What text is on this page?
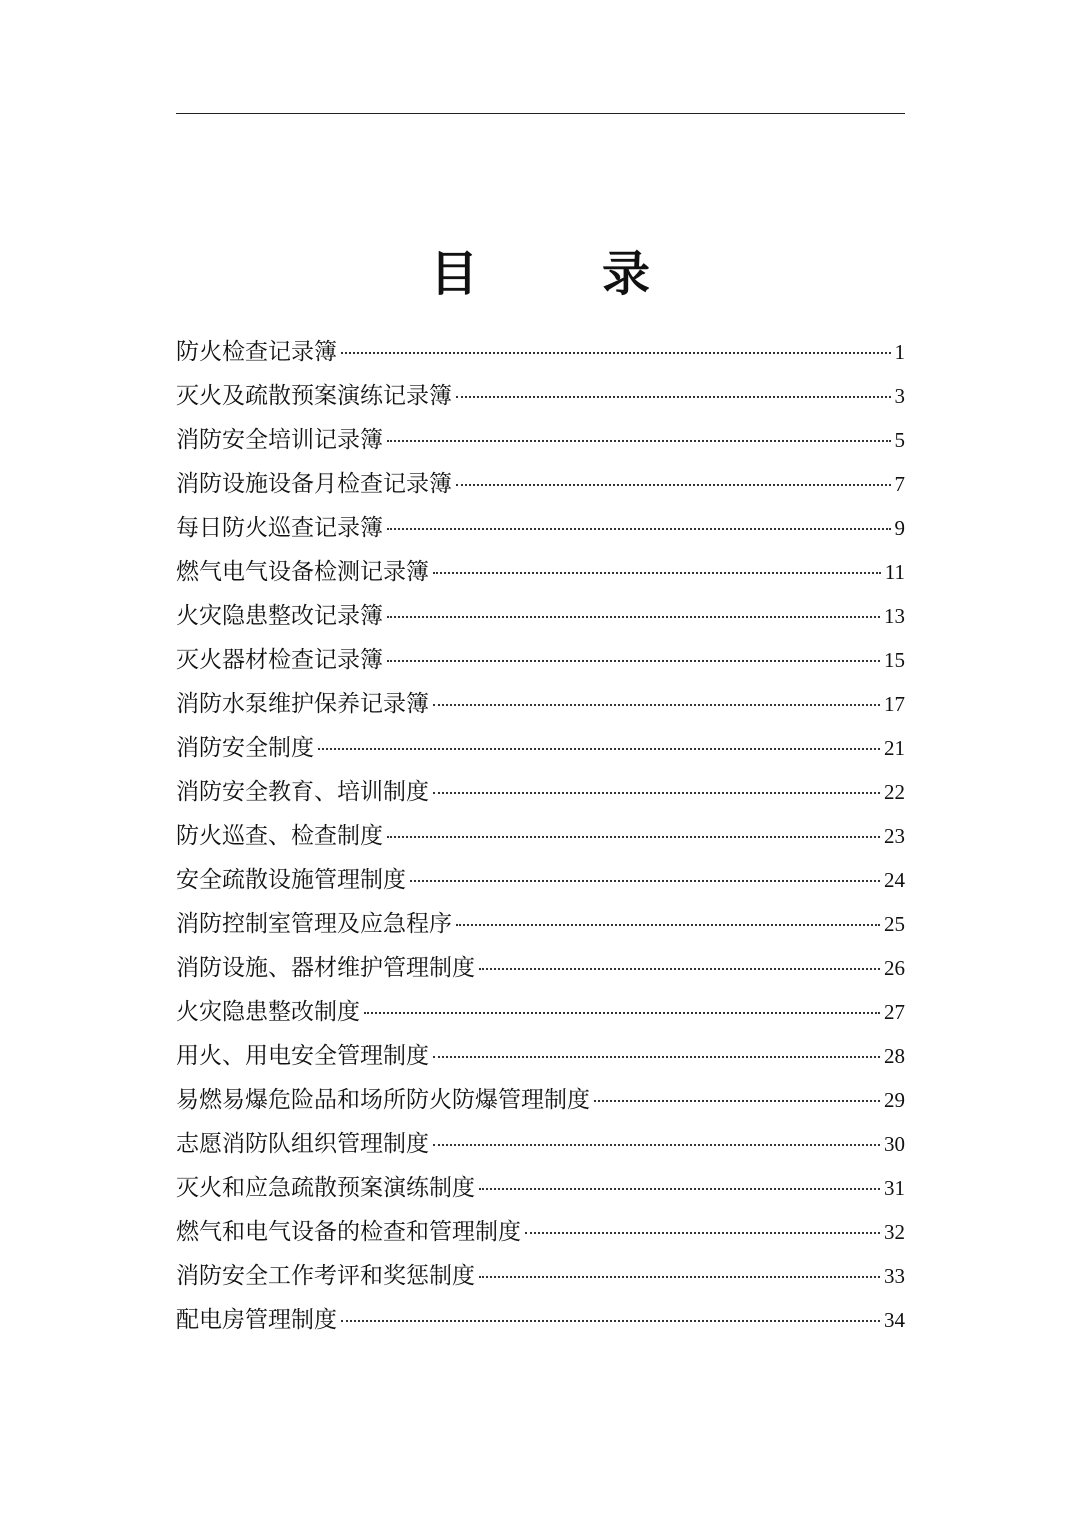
目　录
防火检查记录簿	1
灭火及疏散预案演练记录簿	3
消防安全培训记录簿	5
消防设施设备月检查记录簿	7
每日防火巡查记录簿	9
燃气电气设备检测记录簿	11
火灾隐患整改记录簿	13
灭火器材检查记录簿	15
消防水泵维护保养记录簿	17
消防安全制度	21
消防安全教育、培训制度	22
防火巡查、检查制度	23
安全疏散设施管理制度	24
消防控制室管理及应急程序	25
消防设施、器材维护管理制度	26
火灾隐患整改制度	27
用火、用电安全管理制度	28
易燃易爆危险品和场所防火防爆管理制度	29
志愿消防队组织管理制度	30
灭火和应急疏散预案演练制度	31
燃气和电气设备的检查和管理制度	32
消防安全工作考评和奖惩制度	33
配电房管理制度	34
